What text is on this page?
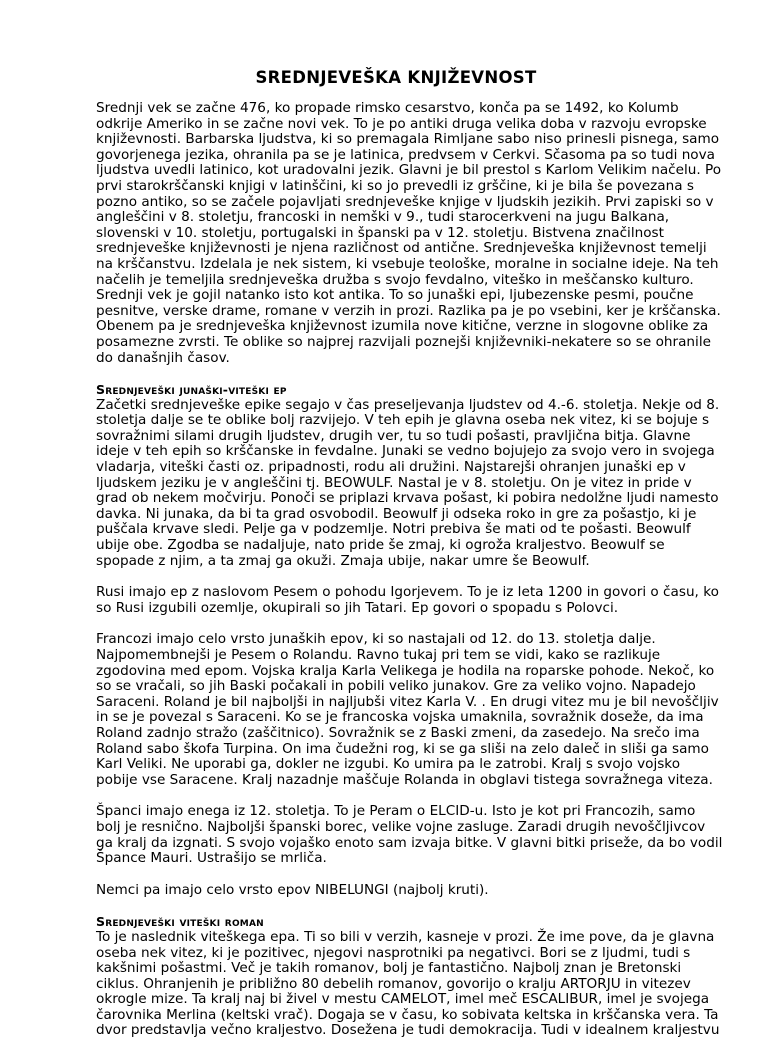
SREDNJEVEŠKA KNJIŽEVNOST

Srednji vek se začne 476, ko propade rimsko cesarstvo, konča pa se 1492, ko Kolumb
odkrije Ameriko in se začne novi vek. To je po antiki druga velika doba v razvoju evropske
književnosti. Barbarska ljudstva, ki so premagala Rimljane sabo niso prinesli pisnega, samo
govorjenega jezika, ohranila pa se je latinica, predvsem v Cerkvi. Sčasoma pa so tudi nova
ljudstva uvedli latinico, kot uradovalni jezik. Glavni je bil prestol s Karlom Velikim načelu. Po
prvi starokrščanski knjigi v latinščini, ki so jo prevedli iz grščine, ki je bila še povezana s
pozno antiko, so se začele pojavljati srednjeveške knjige v ljudskih jezikih. Prvi zapiski so v
angleščini v 8. stoletju, francoski in nemški v 9., tudi starocerkveni na jugu Balkana,
slovenski v 10. stoletju, portugalski in španski pa v 12. stoletju. Bistvena značilnost
srednjeveške književnosti je njena različnost od antične. Srednjeveška književnost temelji
na krščanstvu. Izdelala je nek sistem, ki vsebuje teološke, moralne in socialne ideje. Na teh
načelih je temeljila srednjeveška družba s svojo fevdalno, viteško in meščansko kulturo.
Srednji vek je gojil natanko isto kot antika. To so junaški epi, ljubezenske pesmi, poučne
pesnitve, verske drame, romane v verzih in prozi. Razlika pa je po vsebini, ker je krščanska.
Obenem pa je srednjeveška književnost izumila nove kitične, verzne in slogovne oblike za
posamezne zvrsti. Te oblike so najprej razvijali poznejši književniki-nekatere so se ohranile
do današnjih časov.

Srednjeveški junaški-viteški ep

Začetki srednjeveške epike segajo v čas preseljevanja ljudstev od 4.-6. stoletja. Nekje od 8.
stoletja dalje se te oblike bolj razvijejo. V teh epih je glavna oseba nek vitez, ki se bojuje s
sovražnimi silami drugih ljudstev, drugih ver, tu so tudi pošasti, pravljična bitja. Glavne
ideje v teh epih so krščanske in fevdalne. Junaki se vedno bojujejo za svojo vero in svojega
vladarja, viteški časti oz. pripadnosti, rodu ali družini. Najstarejši ohranjen junaški ep v
ljudskem jeziku je v angleščini tj. BEOWULF. Nastal je v 8. stoletju. On je vitez in pride v
grad ob nekem močvirju. Ponoči se priplazi krvava pošast, ki pobira nedolžne ljudi namesto
davka. Ni junaka, da bi ta grad osvobodil. Beowulf ji odseka roko in gre za pošastjo, ki je
puščala krvave sledi. Pelje ga v podzemlje. Notri prebiva še mati od te pošasti. Beowulf
ubije obe. Zgodba se nadaljuje, nato pride še zmaj, ki ogroža kraljestvo. Beowulf se
spopade z njim, a ta zmaj ga okuži. Zmaja ubije, nakar umre še Beowulf.

Rusi imajo ep z naslovom Pesem o pohodu Igorjevem. To je iz leta 1200 in govori o času, ko
so Rusi izgubili ozemlje, okupirali so jih Tatari. Ep govori o spopadu s Polovci.

Francozi imajo celo vrsto junaških epov, ki so nastajali od 12. do 13. stoletja dalje.
Najpomembnejši je Pesem o Rolandu. Ravno tukaj pri tem se vidi, kako se razlikuje
zgodovina med epom. Vojska kralja Karla Velikega je hodila na roparske pohode. Nekoč, ko
so se vračali, so jih Baski počakali in pobili veliko junakov. Gre za veliko vojno. Napadejo
Saraceni. Roland je bil najboljši in najljubši vitez Karla V. . En drugi vitez mu je bil nevoščljiv
in se je povezal s Saraceni. Ko se je francoska vojska umaknila, sovražnik doseže, da ima
Roland zadnjo stražo (zaščitnico). Sovražnik se z Baski zmeni, da zasedejo. Na srečo ima
Roland sabo škofa Turpina. On ima čudežni rog, ki se ga sliši na zelo daleč in sliši ga samo
Karl Veliki. Ne uporabi ga, dokler ne izgubi. Ko umira pa le zatrobi. Kralj s svojo vojsko
pobije vse Saracene. Kralj nazadnje maščuje Rolanda in obglavi tistega sovražnega viteza.

Španci imajo enega iz 12. stoletja. To je Peram o ELCID-u. Isto je kot pri Francozih, samo
bolj je resnično. Najboljši španski borec, velike vojne zasluge. Zaradi drugih nevoščljivcov
ga kralj da izgnati. S svojo vojaško enoto sam izvaja bitke. V glavni bitki priseže, da bo vodil
Špance Mauri. Ustrašijo se mrliča.

Nemci pa imajo celo vrsto epov NIBELUNGI (najbolj kruti).

Srednjeveški viteški roman

To je naslednik viteškega epa. Ti so bili v verzih, kasneje v prozi. Že ime pove, da je glavna
oseba nek vitez, ki je pozitivec, njegovi nasprotniki pa negativci. Bori se z ljudmi, tudi s
kakšnimi pošastmi. Več je takih romanov, bolj je fantastično. Najbolj znan je Bretonski
ciklus. Ohranjenih je približno 80 debelih romanov, govorijo o kralju ARTORJU in vitezev
okrogle mize. Ta kralj naj bi živel v mestu CAMELOT, imel meč ESCALIBUR, imel je svojega
čarovnika Merlina (keltski vrač). Dogaja se v času, ko sobivata keltska in krščanska vera. Ta
dvor predstavlja večno kraljestvo. Dosežena je tudi demokracija. Tudi v idealnem kraljestvu
